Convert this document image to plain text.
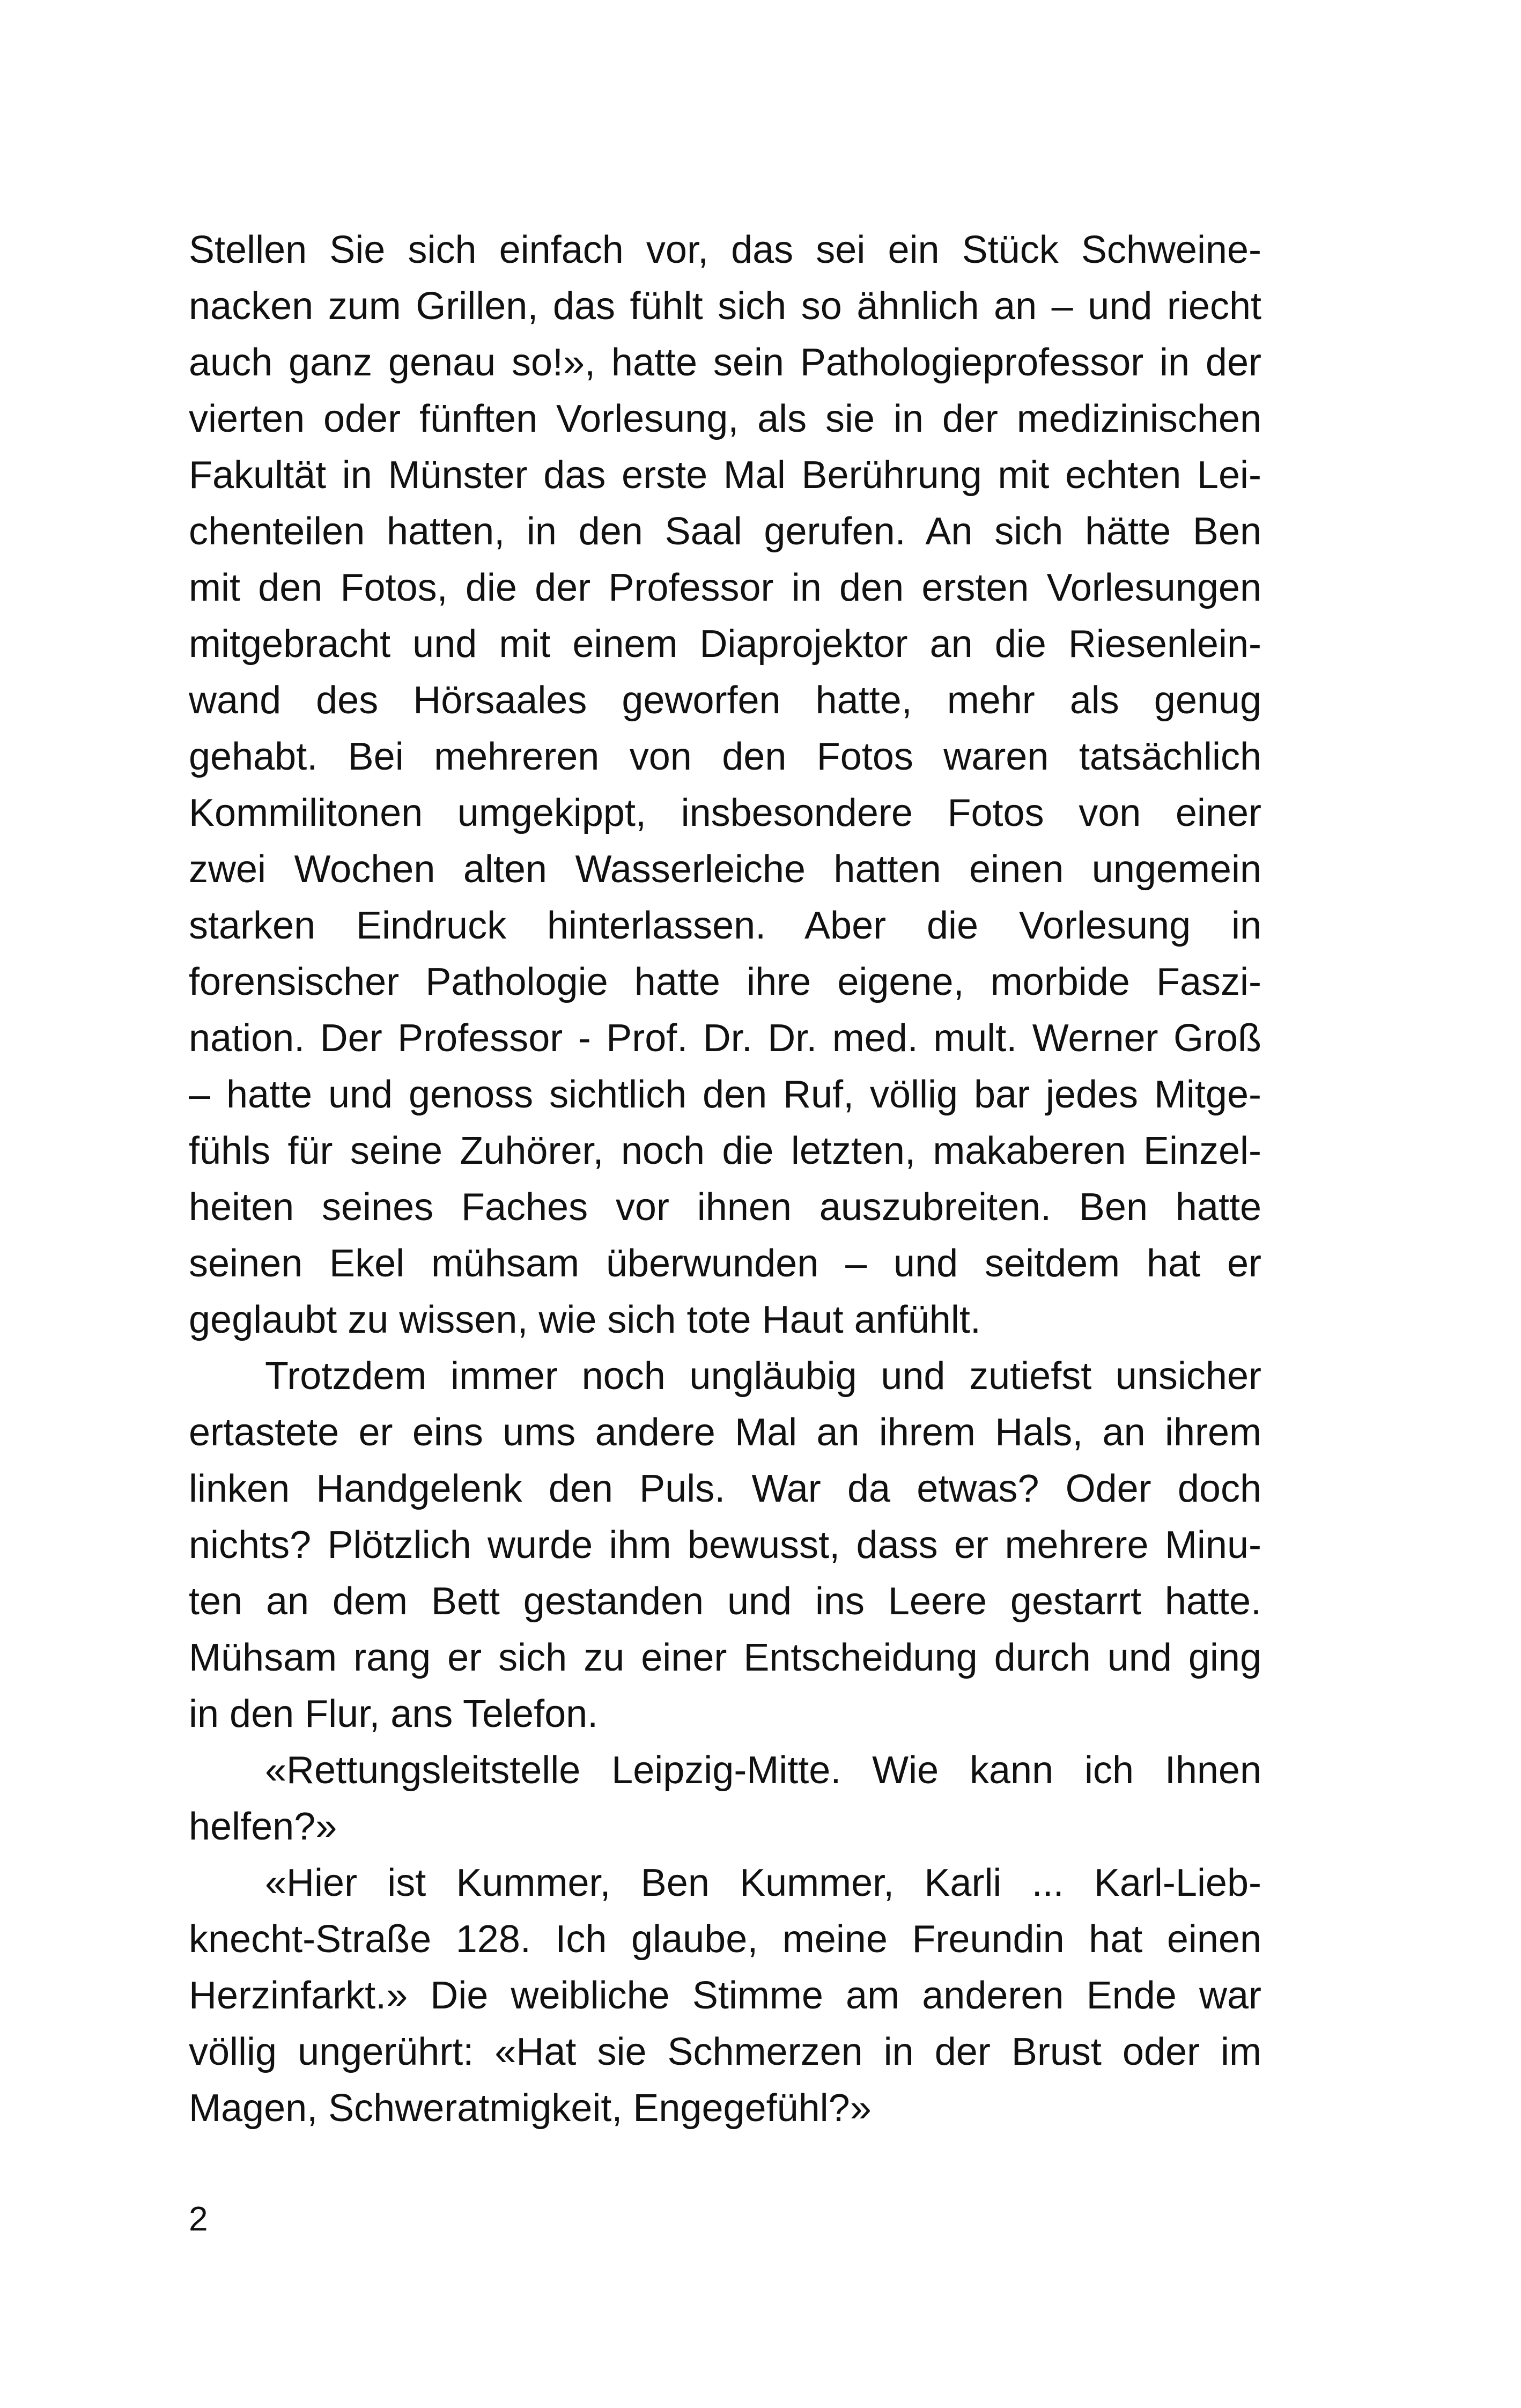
Stellen Sie sich einfach vor, das sei ein Stück Schweine-
nacken zum Grillen, das fühlt sich so ähnlich an – und riecht
auch ganz genau so!», hatte sein Pathologieprofessor in der
vierten oder fünften Vorlesung, als sie in der medizinischen
Fakultät in Münster das erste Mal Berührung mit echten Lei-
chenteilen hatten, in den Saal gerufen. An sich hätte Ben
mit den Fotos, die der Professor in den ersten Vorlesungen
mitgebracht und mit einem Diaprojektor an die Riesenlein-
wand des Hörsaales geworfen hatte, mehr als genug
gehabt. Bei mehreren von den Fotos waren tatsächlich
Kommilitonen umgekippt, insbesondere Fotos von einer
zwei Wochen alten Wasserleiche hatten einen ungemein
starken Eindruck hinterlassen. Aber die Vorlesung in
forensischer Pathologie hatte ihre eigene, morbide Faszi-
nation. Der Professor - Prof. Dr. Dr. med. mult. Werner Groß
– hatte und genoss sichtlich den Ruf, völlig bar jedes Mitge-
fühls für seine Zuhörer, noch die letzten, makaberen Einzel-
heiten seines Faches vor ihnen auszubreiten. Ben hatte
seinen Ekel mühsam überwunden – und seitdem hat er
geglaubt zu wissen, wie sich tote Haut anfühlt.
Trotzdem immer noch ungläubig und zutiefst unsicher
ertastete er eins ums andere Mal an ihrem Hals, an ihrem
linken Handgelenk den Puls. War da etwas? Oder doch
nichts? Plötzlich wurde ihm bewusst, dass er mehrere Minu-
ten an dem Bett gestanden und ins Leere gestarrt hatte.
Mühsam rang er sich zu einer Entscheidung durch und ging
in den Flur, ans Telefon.
«Rettungsleitstelle Leipzig-Mitte. Wie kann ich Ihnen
helfen?»
«Hier ist Kummer, Ben Kummer, Karli ... Karl-Lieb-
knecht-Straße 128. Ich glaube, meine Freundin hat einen
Herzinfarkt.» Die weibliche Stimme am anderen Ende war
völlig ungerührt: «Hat sie Schmerzen in der Brust oder im
Magen, Schweratmigkeit, Engegefühl?»
2
